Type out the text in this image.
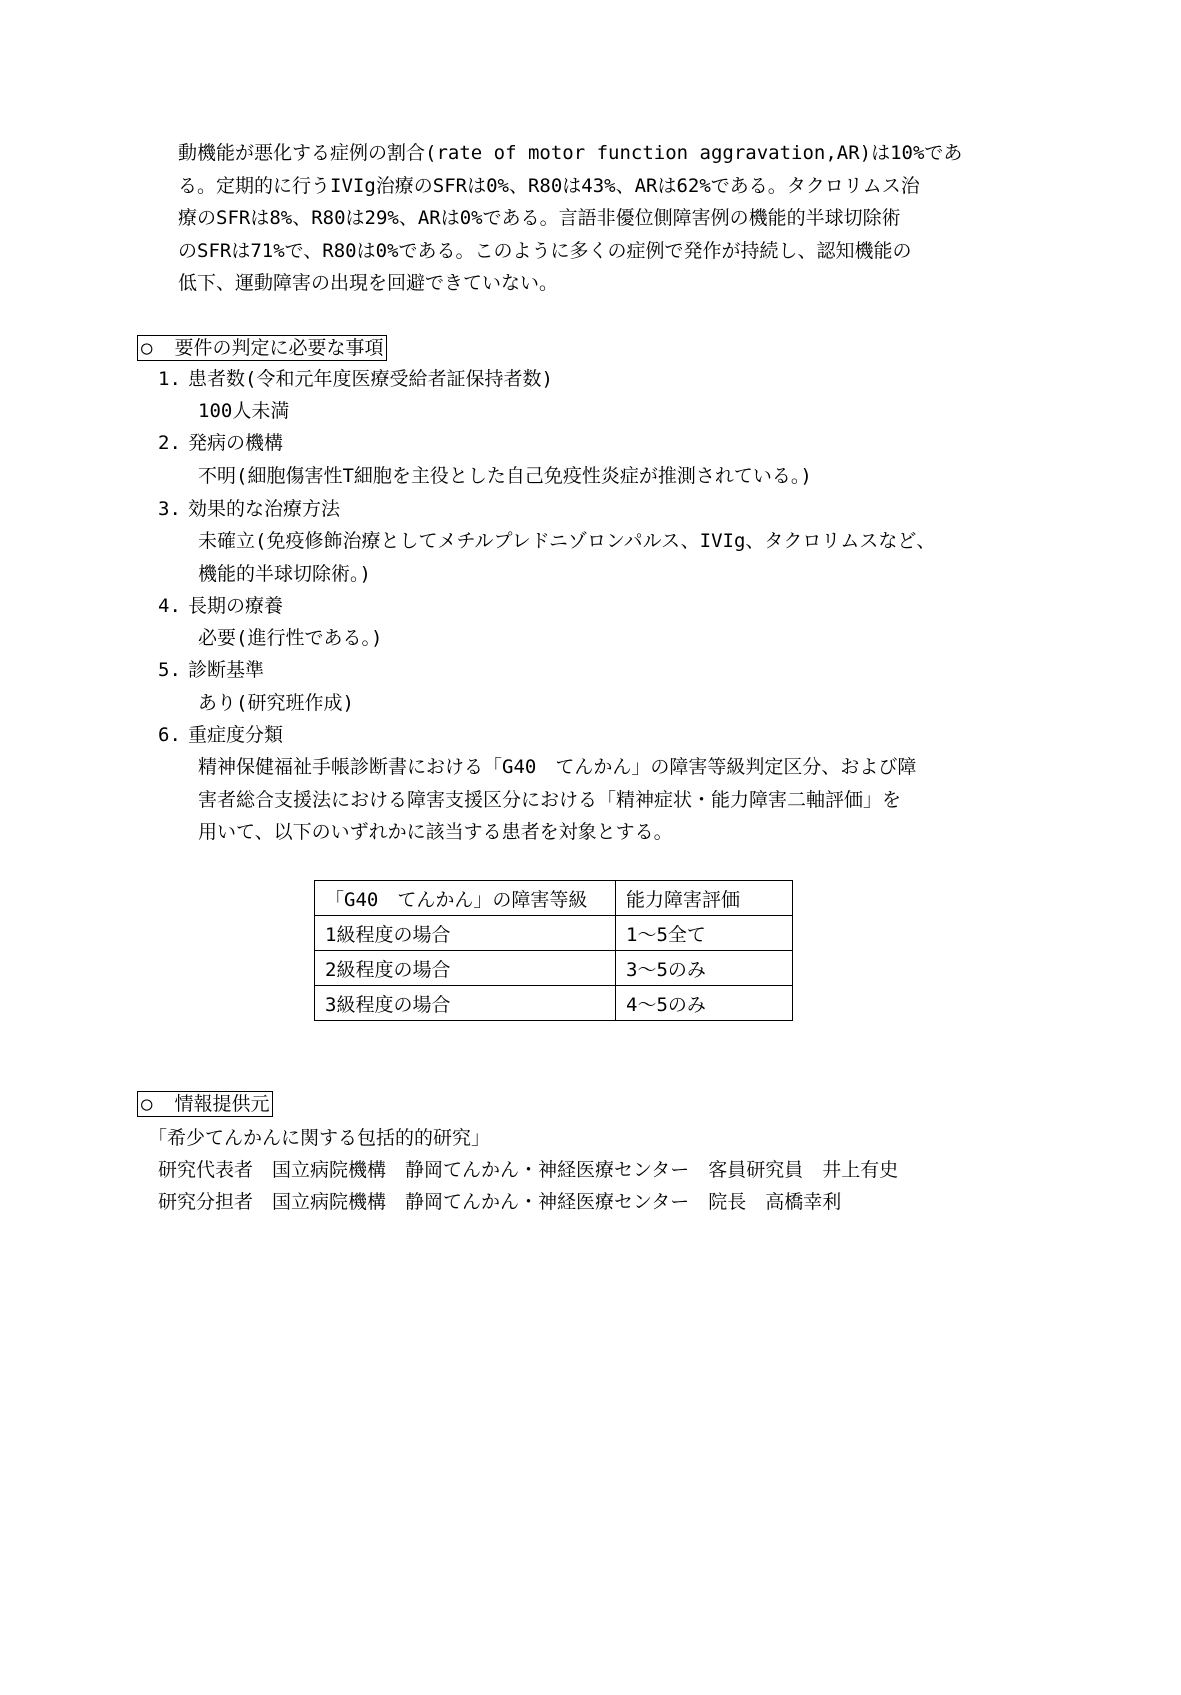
動機能が悪化する症例の割合(rate of motor function aggravation,AR)は10%であ
る。定期的に行うIVIg治療のSFRは0%、R80は43%、ARは62%である。タクロリムス治
療のSFRは8%、R80は29%、ARは0%である。言語非優位側障害例の機能的半球切除術
のSFRは71%で、R80は0%である。このように多くの症例で発作が持続し、認知機能の
低下、運動障害の出現を回避できていない。
○ 要件の判定に必要な事項
1. 患者数(令和元年度医療受給者証保持者数)
100人未満
2. 発病の機構
不明(細胞傷害性T細胞を主役とした自己免疫性炎症が推測されている。)
3. 効果的な治療方法
未確立(免疫修飾治療としてメチルプレドニゾロンパルス、IVIg、タクロリムスなど、
機能的半球切除術。)
4. 長期の療養
必要(進行性である。)
5. 診断基準
あり(研究班作成)
6. 重症度分類
精神保健福祉手帳診断書における「G40　てんかん」の障害等級判定区分、および障
害者総合支援法における障害支援区分における「精神症状・能力障害二軸評価」を
用いて、以下のいずれかに該当する患者を対象とする。
「G40　てんかん」の障害等級	能力障害評価
1級程度の場合	1～5全て
2級程度の場合	3～5のみ
3級程度の場合	4～5のみ
○ 情報提供元
「希少てんかんに関する包括的的研究」
研究代表者　国立病院機構　静岡てんかん・神経医療センター　客員研究員　井上有史
研究分担者　国立病院機構　静岡てんかん・神経医療センター　院長　高橋幸利
